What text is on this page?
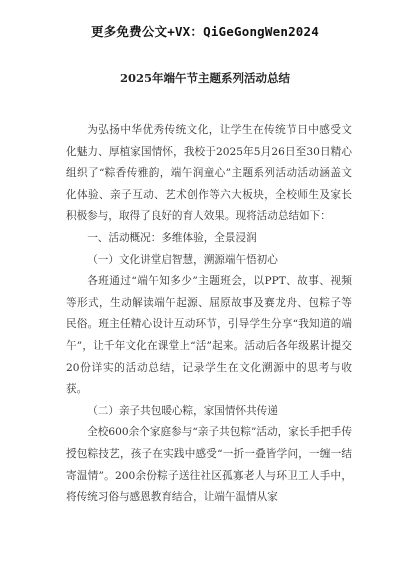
更多免费公文+VX：QiGeGongWen2024
2025年端午节主题系列活动总结

为弘扬中华优秀传统文化，让学生在传统节日中感受文化魅力、厚植家国情怀，我校于2025年5月26日至30日精心组织了“粽香传雅韵，端午润童心”主题系列活动活动涵盖文化体验、亲子互动、艺术创作等六大板块，全校师生及家长积极参与，取得了良好的育人效果。现将活动总结如下：

一、活动概况：多维体验，全景浸润

（一）文化讲堂启智慧，溯源端午悟初心

各班通过“端午知多少”主题班会，以PPT、故事、视频等形式，生动解读端午起源、屈原故事及赛龙舟、包粽子等民俗。班主任精心设计互动环节，引导学生分享“我知道的端午”，让千年文化在课堂上“活”起来。活动后各年级累计提交20份详实的活动总结，记录学生在文化溯源中的思考与收获。

（二）亲子共包暖心粽，家国情怀共传递

全校600余个家庭参与“亲子共包粽”活动，家长手把手传授包粽技艺，孩子在实践中感受“一折一叠皆学问，一缠一结寄温情”。200余份粽子送往社区孤寡老人与环卫工人手中，将传统习俗与感恩教育结合，让端午温情从家
